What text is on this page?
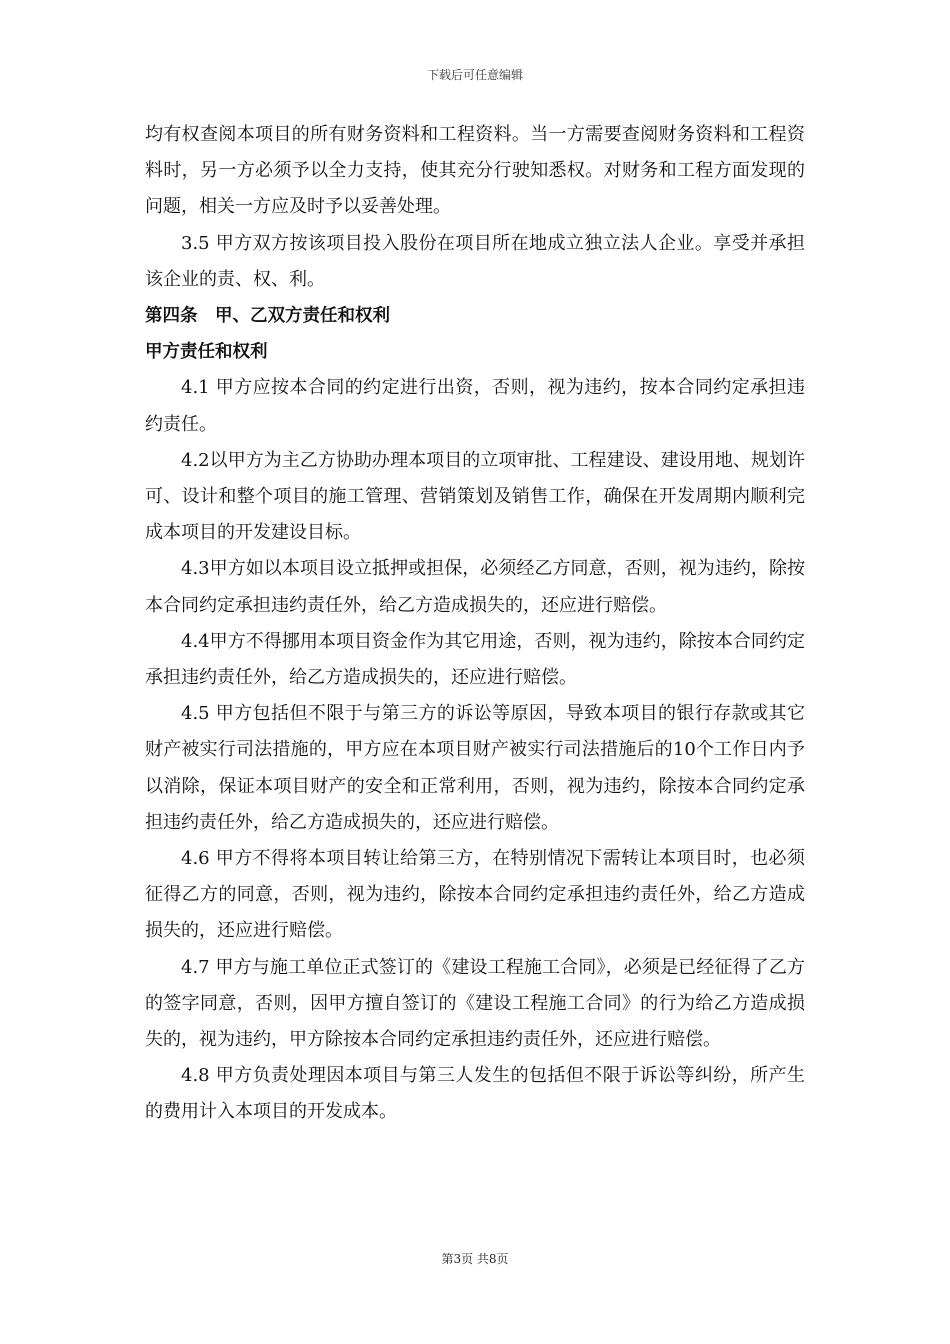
下载后可任意编辑

均有权查阅本项目的所有财务资料和工程资料。当一方需要查阅财务资料和工程资料时，另一方必须予以全力支持，使其充分行驶知悉权。对财务和工程方面发现的问题，相关一方应及时予以妥善处理。

3.5 甲方双方按该项目投入股份在项目所在地成立独立法人企业。享受并承担该企业的责、权、利。

第四条　甲、乙双方责任和权利

甲方责任和权利

4.1 甲方应按本合同的约定进行出资，否则，视为违约，按本合同约定承担违约责任。

4.2以甲方为主乙方协助办理本项目的立项审批、工程建设、建设用地、规划许可、设计和整个项目的施工管理、营销策划及销售工作，确保在开发周期内顺利完成本项目的开发建设目标。

4.3甲方如以本项目设立抵押或担保，必须经乙方同意，否则，视为违约，除按本合同约定承担违约责任外，给乙方造成损失的，还应进行赔偿。

4.4甲方不得挪用本项目资金作为其它用途，否则，视为违约，除按本合同约定承担违约责任外，给乙方造成损失的，还应进行赔偿。

4.5 甲方包括但不限于与第三方的诉讼等原因，导致本项目的银行存款或其它财产被实行司法措施的，甲方应在本项目财产被实行司法措施后的10个工作日内予以消除，保证本项目财产的安全和正常利用，否则，视为违约，除按本合同约定承担违约责任外，给乙方造成损失的，还应进行赔偿。

4.6 甲方不得将本项目转让给第三方，在特别情况下需转让本项目时，也必须征得乙方的同意，否则，视为违约，除按本合同约定承担违约责任外，给乙方造成损失的，还应进行赔偿。

4.7 甲方与施工单位正式签订的《建设工程施工合同》，必须是已经征得了乙方的签字同意，否则，因甲方擅自签订的《建设工程施工合同》的行为给乙方造成损失的，视为违约，甲方除按本合同约定承担违约责任外，还应进行赔偿。

4.8 甲方负责处理因本项目与第三人发生的包括但不限于诉讼等纠纷，所产生的费用计入本项目的开发成本。

第3页 共8页
